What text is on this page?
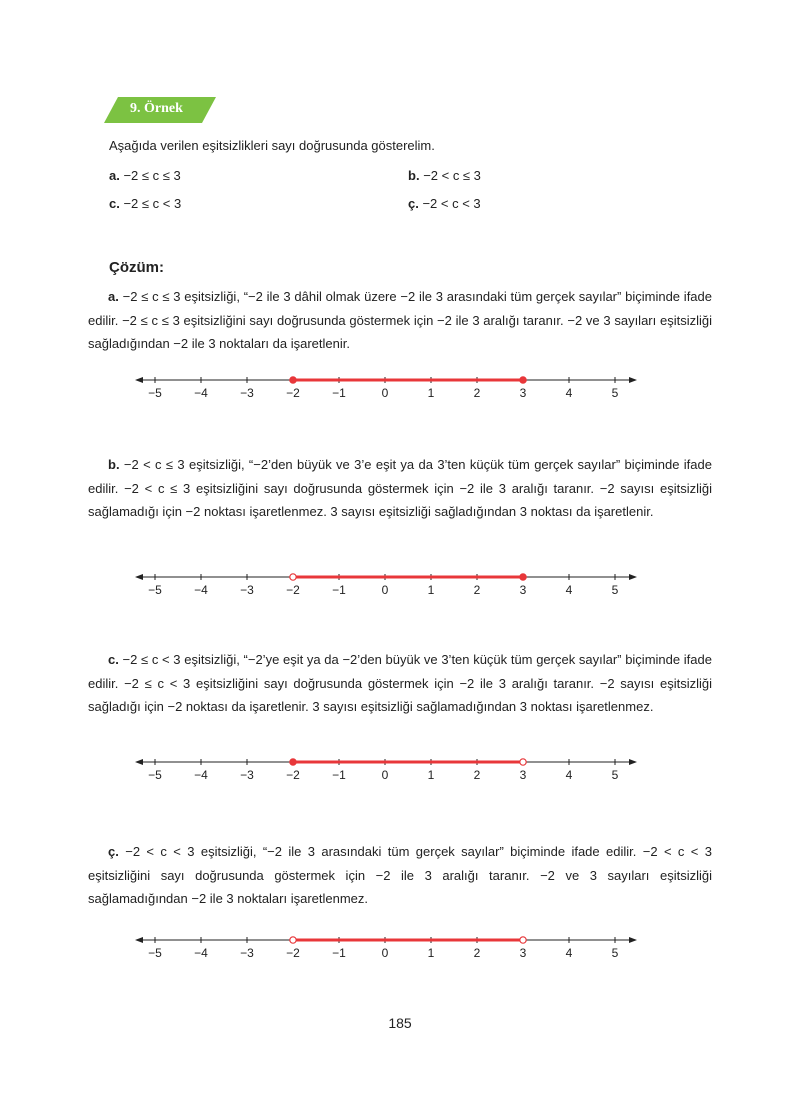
9. Örnek
Aşağıda verilen eşitsizlikleri sayı doğrusunda gösterelim.
a. −2 ≤ c ≤ 3	b. −2 < c ≤ 3
c. −2 ≤ c < 3	ç. −2 < c < 3
Çözüm:
a. −2 ≤ c ≤ 3 eşitsizliği, “−2 ile 3 dâhil olmak üzere −2 ile 3 arasındaki tüm gerçek sayılar” biçiminde ifade edilir. −2 ≤ c ≤ 3 eşitsizliğini sayı doğrusunda göstermek için −2 ile 3 aralığı taranır. −2 ve 3 sayıları eşitsizliği sağladığından −2 ile 3 noktaları da işaretlenir.
−5	−4	−3	−2	−1	0	1	2	3	4	5
b. −2 < c ≤ 3 eşitsizliği, “−2’den büyük ve 3’e eşit ya da 3’ten küçük tüm gerçek sayılar” biçiminde ifade edilir. −2 < c ≤ 3 eşitsizliğini sayı doğrusunda göstermek için −2 ile 3 aralığı taranır. −2 sayısı eşitsizliği sağlamadığı için −2 noktası işaretlenmez. 3 sayısı eşitsizliği sağladığından 3 noktası da işaretlenir.
−5	−4	−3	−2	−1	0	1	2	3	4	5
c. −2 ≤ c < 3 eşitsizliği, “−2’ye eşit ya da −2’den büyük ve 3’ten küçük tüm gerçek sayılar” biçiminde ifade edilir. −2 ≤ c < 3 eşitsizliğini sayı doğrusunda göstermek için −2 ile 3 aralığı taranır. −2 sayısı eşitsizliği sağladığı için −2 noktası da işaretlenir. 3 sayısı eşitsizliği sağlamadığından 3 noktası işaretlenmez.
−5	−4	−3	−2	−1	0	1	2	3	4	5
ç. −2 < c < 3 eşitsizliği, “−2 ile 3 arasındaki tüm gerçek sayılar” biçiminde ifade edilir. −2 < c < 3 eşitsizliğini sayı doğrusunda göstermek için −2 ile 3 aralığı taranır. −2 ve 3 sayıları eşitsizliği sağlamadığından −2 ile 3 noktaları işaretlenmez.
−5	−4	−3	−2	−1	0	1	2	3	4	5
185
